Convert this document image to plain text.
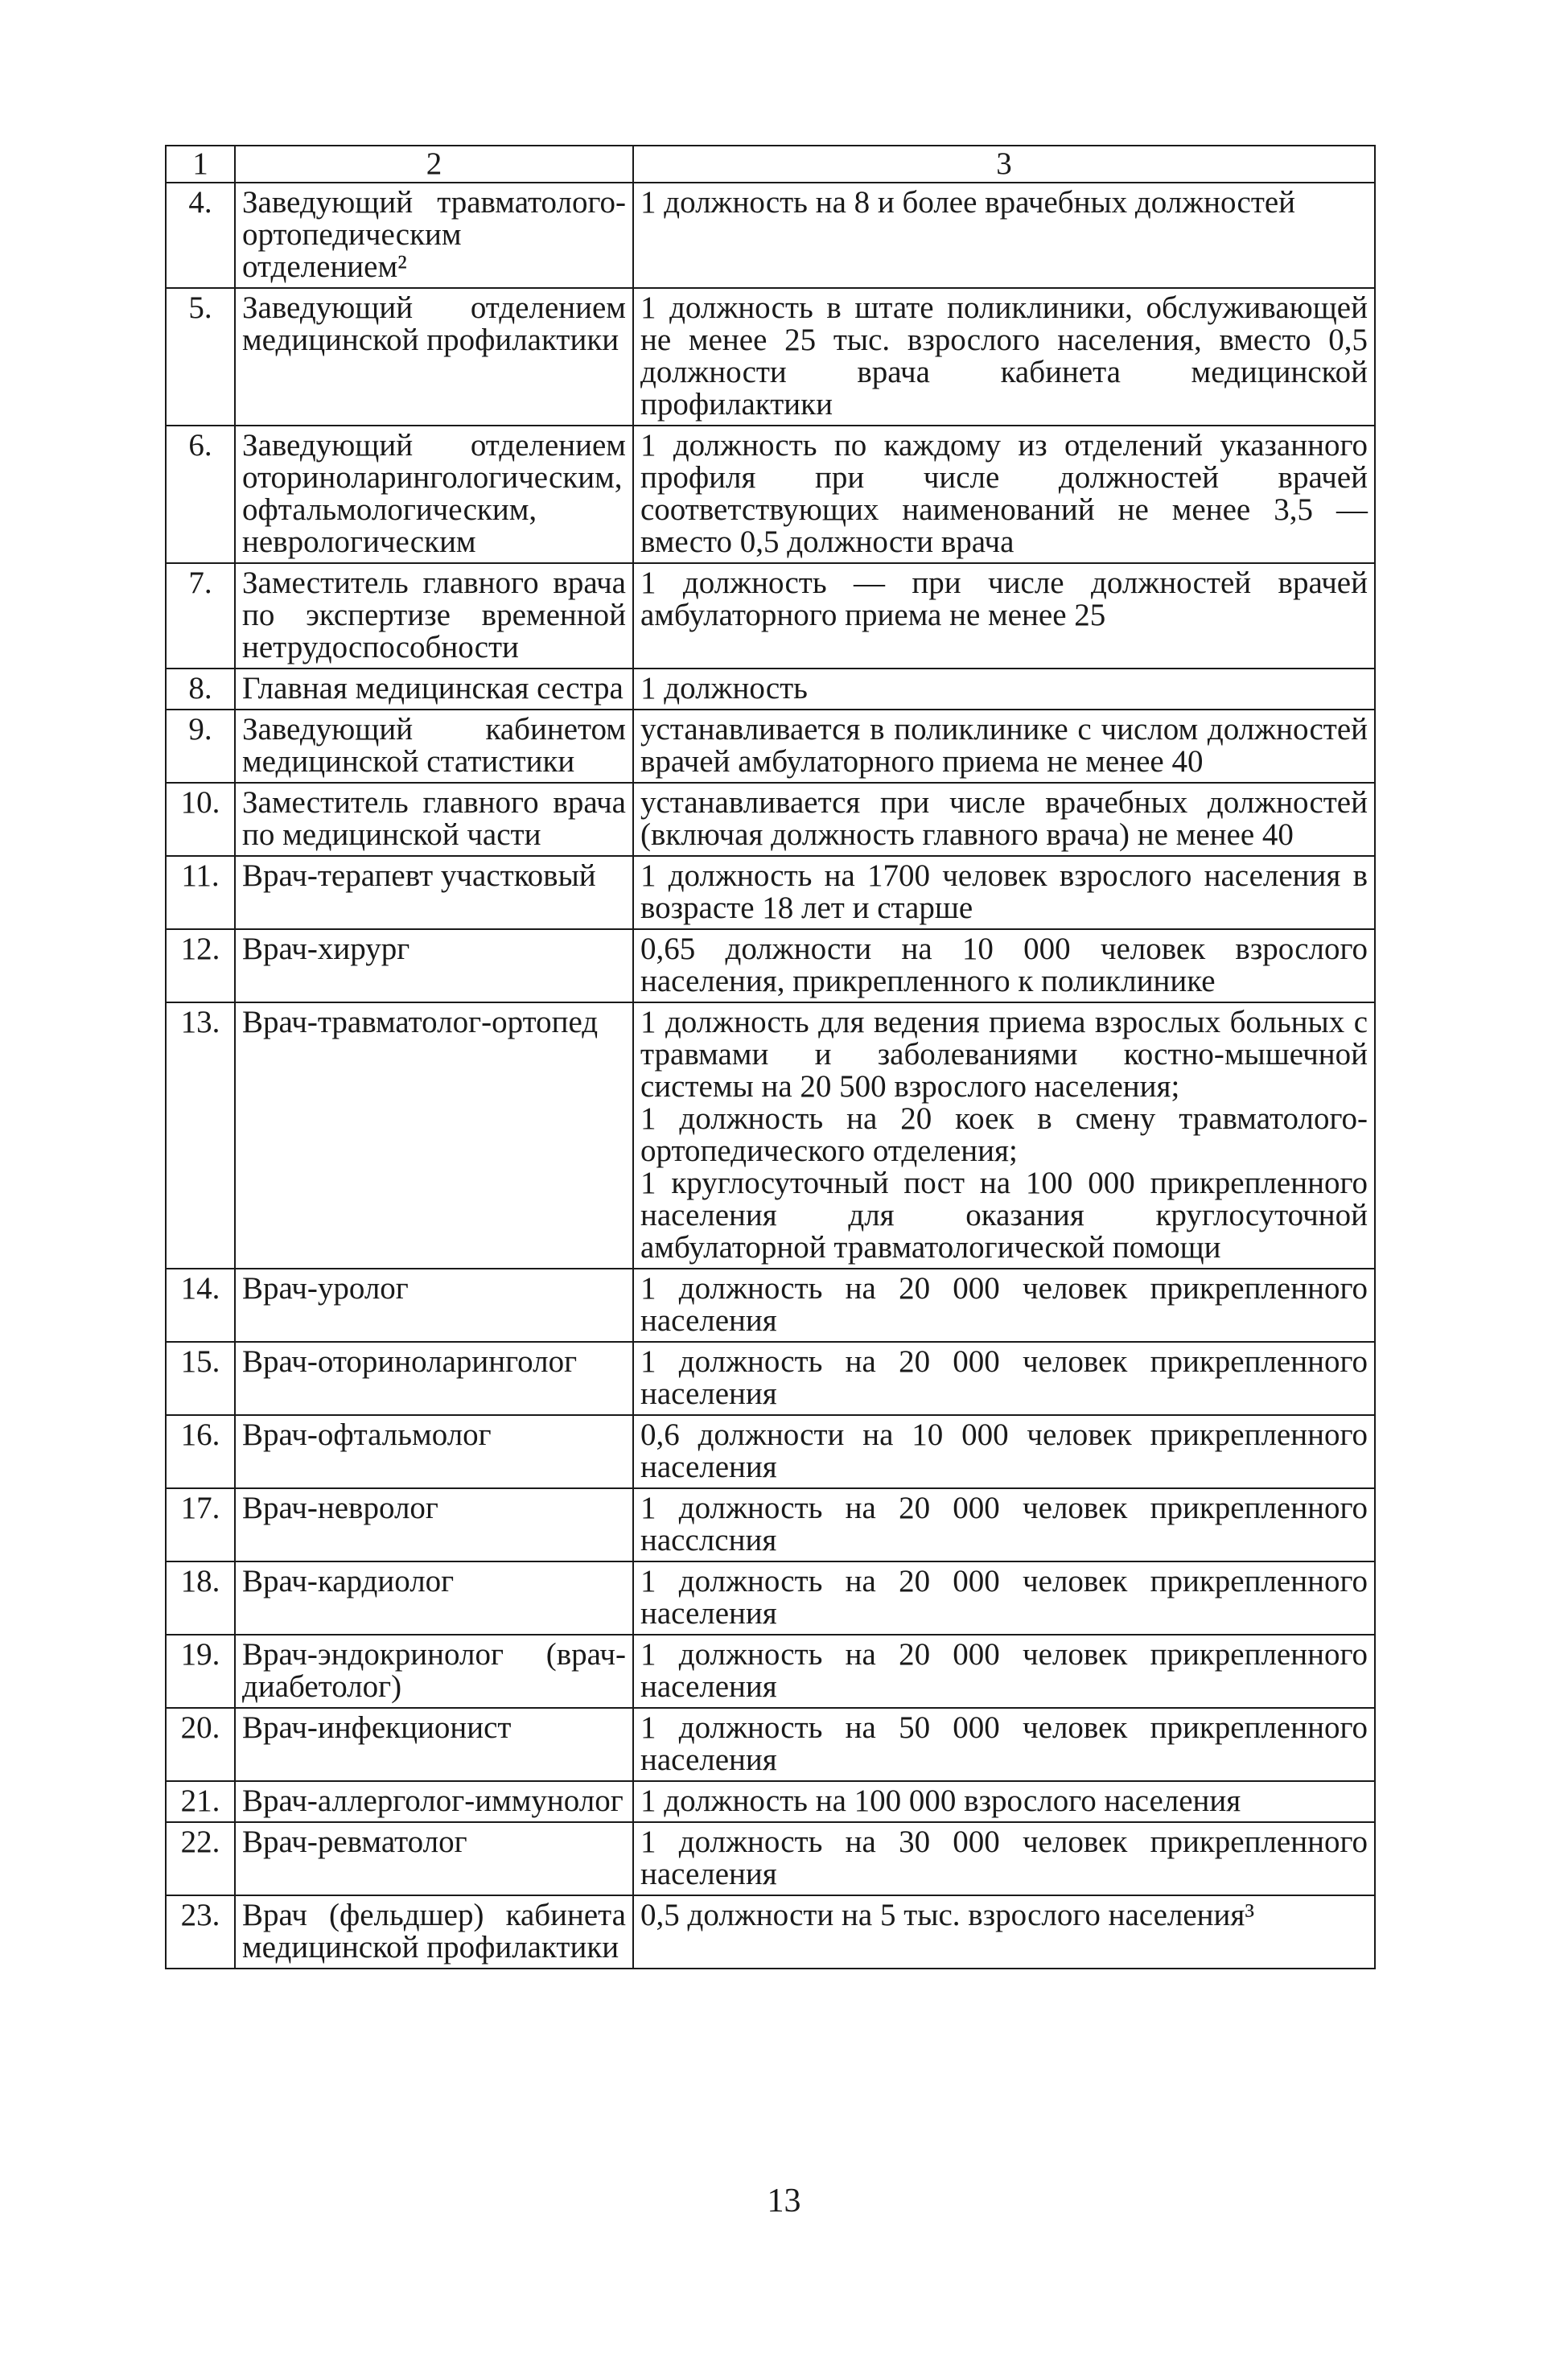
1	2	3
4.	Заведующий травматолого-ортопедическим отделением²	1 должность на 8 и более врачебных должностей
5.	Заведующий отделением медицинской профилактики	1 должность в штате поликлиники, обслуживающей не менее 25 тыс. взрослого населения, вместо 0,5 должности врача кабинета медицинской профилактики
6.	Заведующий отделением оториноларингологическим, офтальмологическим, неврологическим	1 должность по каждому из отделений указанного профиля при числе должностей врачей соответствующих наименований не менее 3,5 — вместо 0,5 должности врача
7.	Заместитель главного врача по экспертизе временной нетрудоспособности	1 должность — при числе должностей врачей амбулаторного приема не менее 25
8.	Главная медицинская сестра	1 должность
9.	Заведующий кабинетом медицинской статистики	устанавливается в поликлинике с числом должностей врачей амбулаторного приема не менее 40
10.	Заместитель главного врача по медицинской части	устанавливается при числе врачебных должностей (включая должность главного врача) не менее 40
11.	Врач-терапевт участковый	1 должность на 1700 человек взрослого населения в возрасте 18 лет и старше
12.	Врач-хирург	0,65 должности на 10 000 человек взрослого населения, прикрепленного к поликлинике
13.	Врач-травматолог-ортопед	1 должность для ведения приема взрослых больных с травмами и заболеваниями костно-мышечной системы на 20 500 взрослого населения;
1 должность на 20 коек в смену травматолого-ортопедического отделения;
1 круглосуточный пост на 100 000 прикрепленного населения для оказания круглосуточной амбулаторной травматологической помощи
14.	Врач-уролог	1 должность на 20 000 человек прикрепленного населения
15.	Врач-оториноларинголог	1 должность на 20 000 человек прикрепленного населения
16.	Врач-офтальмолог	0,6 должности на 10 000 человек прикрепленного населения
17.	Врач-невролог	1 должность на 20 000 человек прикрепленного насслсния
18.	Врач-кардиолог	1 должность на 20 000 человек прикрепленного населения
19.	Врач-эндокринолог (врач-диабетолог)	1 должность на 20 000 человек прикрепленного населения
20.	Врач-инфекционист	1 должность на 50 000 человек прикрепленного населения
21.	Врач-аллерголог-иммунолог	1 должность на 100 000 взрослого населения
22.	Врач-ревматолог	1 должность на 30 000 человек прикрепленного населения
23.	Врач (фельдшер) кабинета медицинской профилактики	0,5 должности на 5 тыс. взрослого населения³
13
